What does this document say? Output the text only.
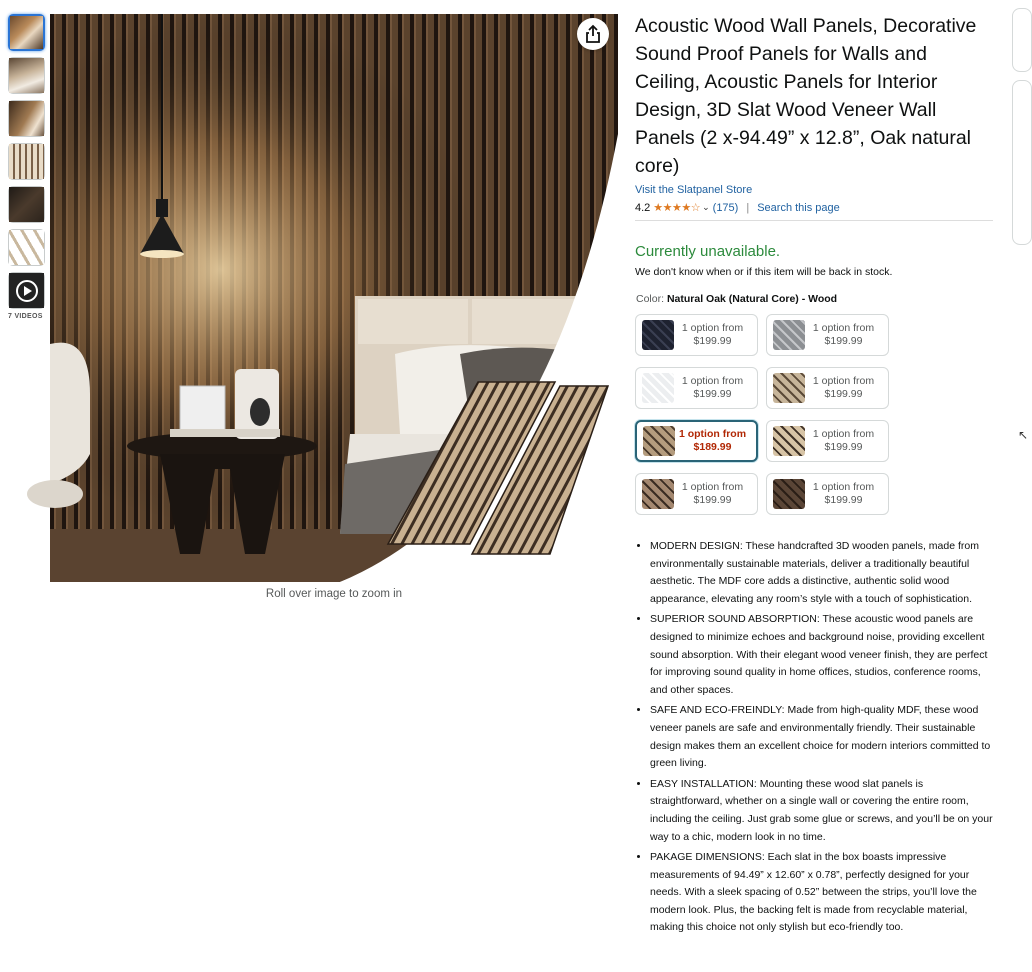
7 VIDEOS
Roll over image to zoom in
Acoustic Wood Wall Panels, Decorative Sound Proof Panels for Walls and Ceiling, Acoustic Panels for Interior Design, 3D Slat Wood Veneer Wall Panels (2 x-94.49” x 12.8”, Oak natural core)
Visit the Slatpanel Store
4.2 ★★★★☆ ⌄ (175) | Search this page
Currently unavailable.
We don't know when or if this item will be back in stock.
Color: Natural Oak (Natural Core) - Wood
1 option from
$199.99
1 option from
$199.99
1 option from
$199.99
1 option from
$199.99
1 option from
$189.99
1 option from
$199.99
1 option from
$199.99
1 option from
$199.99
• MODERN DESIGN: These handcrafted 3D wooden panels, made from environmentally sustainable materials, deliver a traditionally beautiful aesthetic. The MDF core adds a distinctive, authentic solid wood appearance, elevating any room’s style with a touch of sophistication.
• SUPERIOR SOUND ABSORPTION: These acoustic wood panels are designed to minimize echoes and background noise, providing excellent sound absorption. With their elegant wood veneer finish, they are perfect for improving sound quality in home offices, studios, conference rooms, and other spaces.
• SAFE AND ECO-FREINDLY: Made from high-quality MDF, these wood veneer panels are safe and environmentally friendly. Their sustainable design makes them an excellent choice for modern interiors committed to green living.
• EASY INSTALLATION: Mounting these wood slat panels is straightforward, whether on a single wall or covering the entire room, including the ceiling. Just grab some glue or screws, and you’ll be on your way to a chic, modern look in no time.
• PAKAGE DIMENSIONS: Each slat in the box boasts impressive measurements of 94.49” x 12.60” x 0.78”, perfectly designed for your needs. With a sleek spacing of 0.52” between the strips, you’ll love the modern look. Plus, the backing felt is made from recyclable material, making this choice not only stylish but eco-friendly too.
↖
